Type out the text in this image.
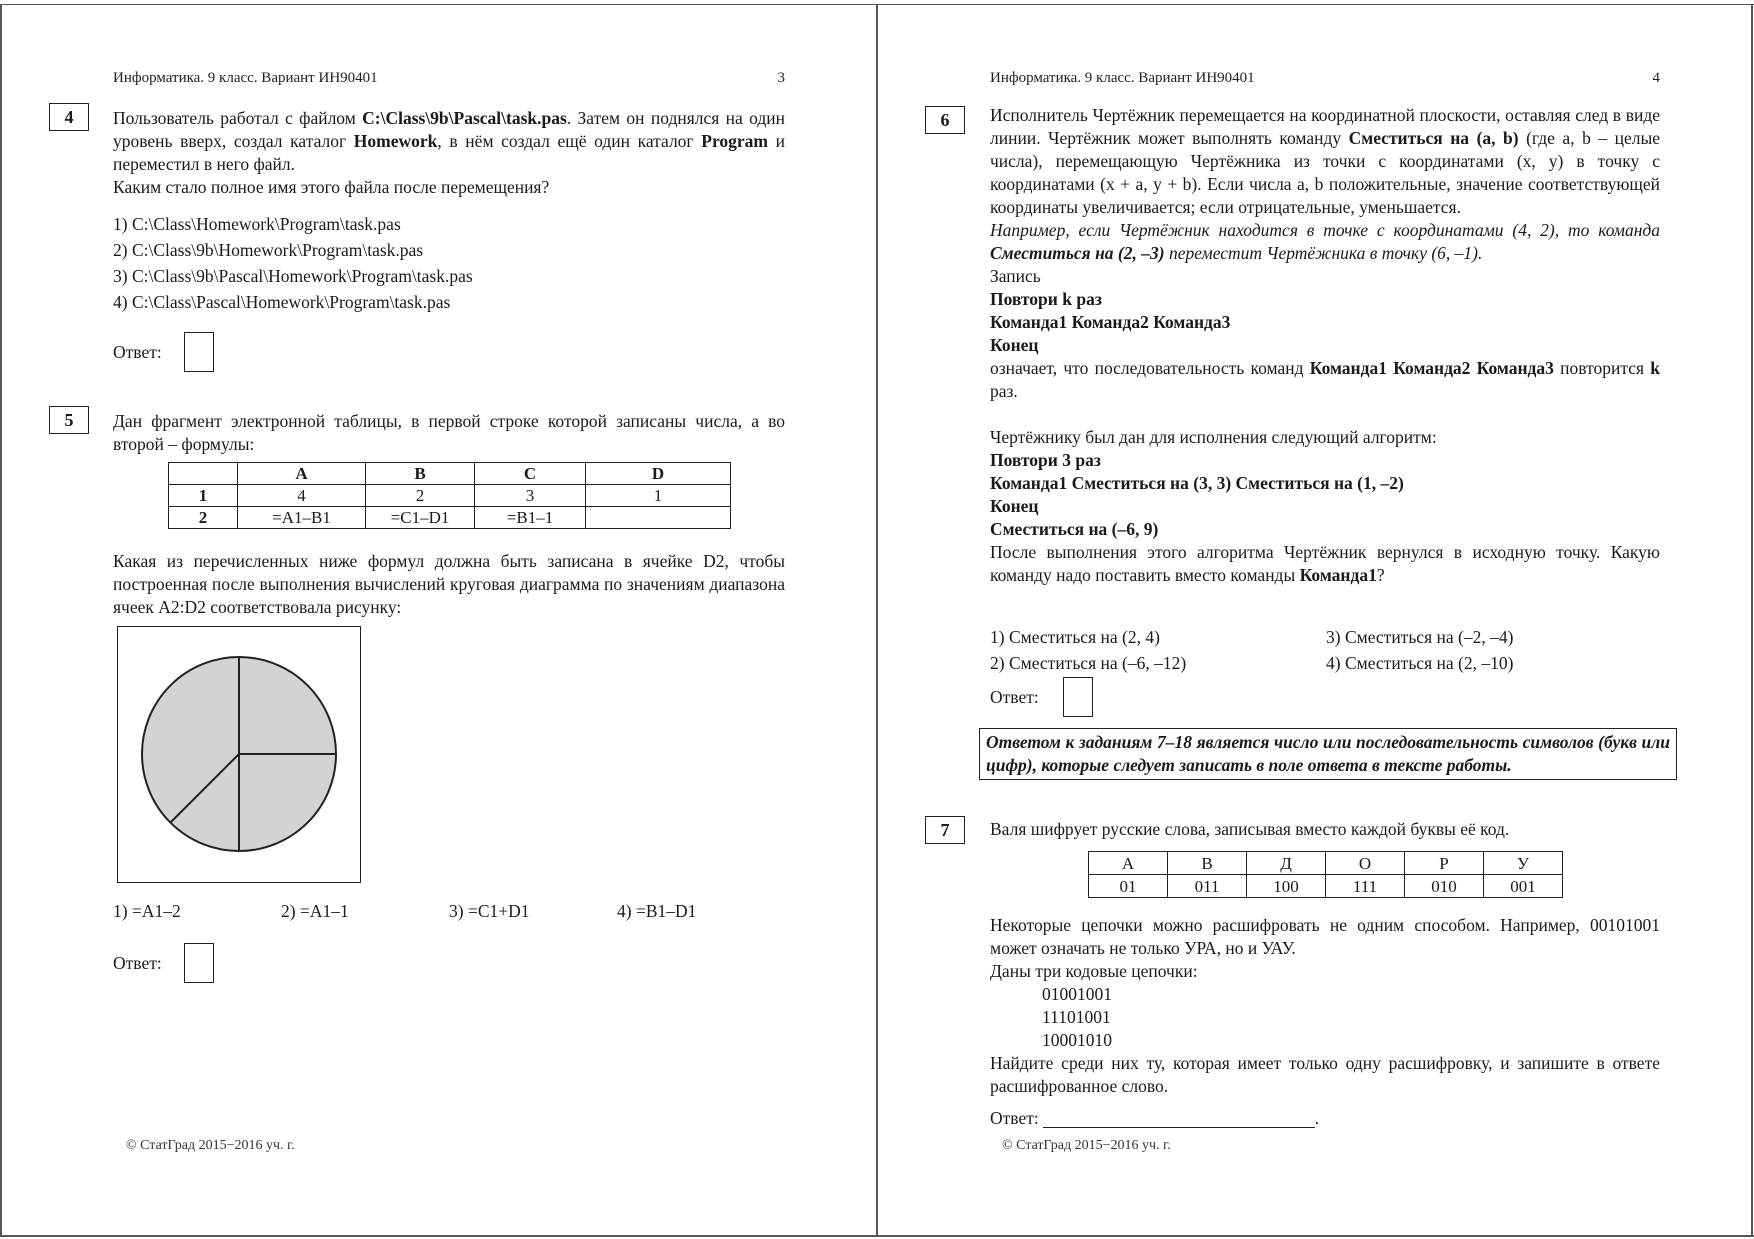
Информатика. 9 класс. Вариант ИН90401	3
4	Пользователь работал с файлом C:\Class\9b\Pascal\task.pas. Затем он поднялся на один уровень вверх, создал каталог Homework, в нём создал ещё один каталог Program и переместил в него файл.

Каким стало полное имя этого файла после перемещения?

1) C:\Class\Homework\Program\task.pas
2) C:\Class\9b\Homework\Program\task.pas
3) C:\Class\9b\Pascal\Homework\Program\task.pas
4) C:\Class\Pascal\Homework\Program\task.pas
Ответ:
5	Дан фрагмент электронной таблицы, в первой строке которой записаны числа, а во второй – формулы:
	A	B	C	D
1	4	2	3	1
2	=A1–B1	=C1–D1	=B1–1	
Какая из перечисленных ниже формул должна быть записана в ячейке D2, чтобы построенная после выполнения вычислений круговая диаграмма по значениям диапазона ячеек A2:D2 соответствовала рисунку:
1) =A1–2	2) =A1–1	3) =C1+D1	4) =B1–D1
Ответ:
© СтатГрад 2015−2016 уч. г.
Информатика. 9 класс. Вариант ИН90401	4
6	Исполнитель Чертёжник перемещается на координатной плоскости, оставляя след в виде линии. Чертёжник может выполнять команду Сместиться на (a, b) (где a, b – целые числа), перемещающую Чертёжника из точки с координатами (x, y) в точку с координатами (x + a, y + b). Если числа a, b положительные, значение соответствующей координаты увеличивается; если отрицательные, уменьшается.

Например, если Чертёжник находится в точке с координатами (4, 2), то команда Сместиться на (2, –3) переместит Чертёжника в точку (6, –1).

Запись

Повтори k раз

Команда1 Команда2 Команда3

Конец

означает, что последовательность команд Команда1 Команда2 Команда3 повторится k раз.

Чертёжнику был дан для исполнения следующий алгоритм:

Повтори 3 раз

Команда1 Сместиться на (3, 3) Сместиться на (1, –2)

Конец

Сместиться на (–6, 9)

После выполнения этого алгоритма Чертёжник вернулся в исходную точку. Какую команду надо поставить вместо команды Команда1?

1) Сместиться на (2, 4)	3) Сместиться на (–2, –4)
2) Сместиться на (–6, –12)	4) Сместиться на (2, –10)
Ответ:
Ответом к заданиям 7–18 является число или последовательность символов (букв или цифр), которые следует записать в поле ответа в тексте работы.
7	Валя шифрует русские слова, записывая вместо каждой буквы её код.
А	В	Д	О	Р	У
01	011	100	111	010	001

Некоторые цепочки можно расшифровать не одним способом. Например, 00101001 может означать не только УРА, но и УАУ.

Даны три кодовые цепочки:

01001001

11101001

10001010

Найдите среди них ту, которая имеет только одну расшифровку, и запишите в ответе расшифрованное слово.

Ответ:	.
© СтатГрад 2015−2016 уч. г.
